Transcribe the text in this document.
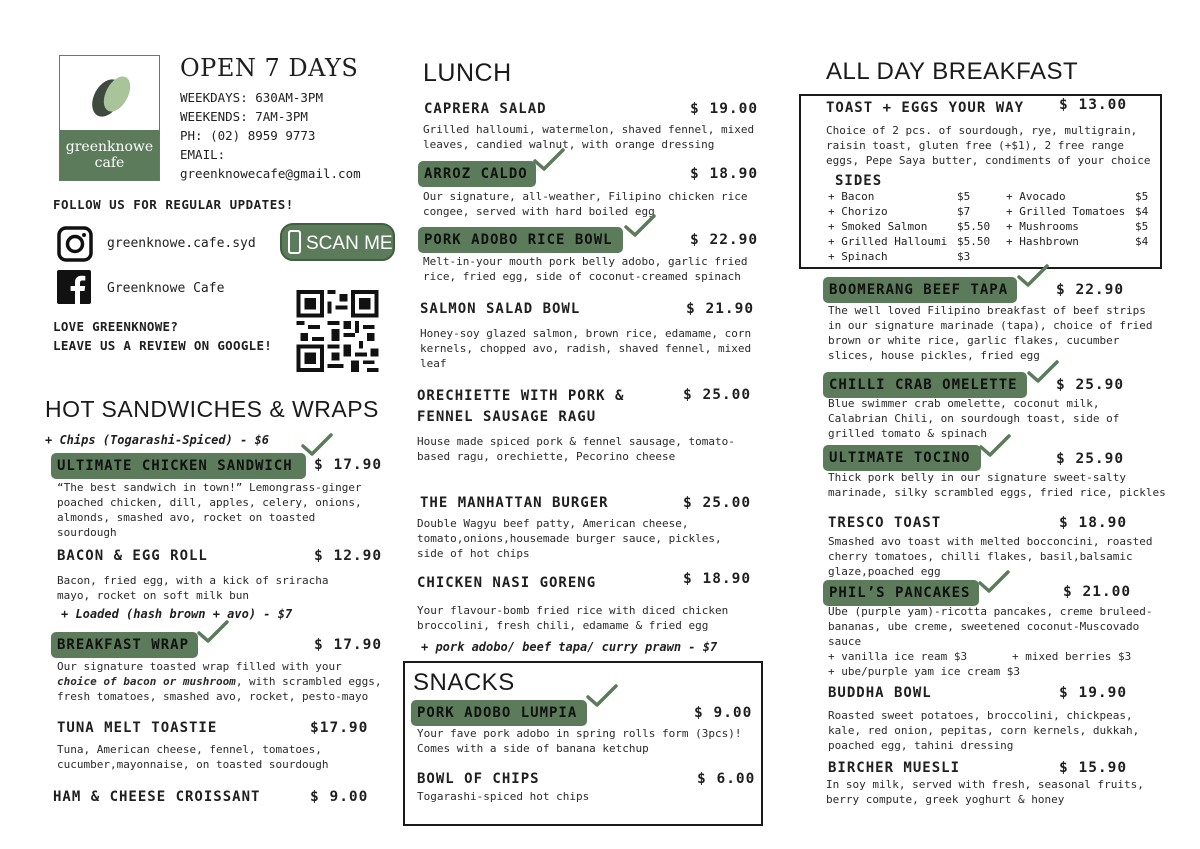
greenknowe
cafe
OPEN 7 DAYS
WEEKDAYS: 630AM-3PM
WEEKENDS: 7AM-3PM
PH: (02) 8959 9773
EMAIL:
greenknowecafe@gmail.com
FOLLOW US FOR REGULAR UPDATES!
greenknowe.cafe.syd	SCAN ME
Greenknowe Cafe
LOVE GREENKNOWE?
LEAVE US A REVIEW ON GOOGLE!
HOT SANDWICHES & WRAPS
+ Chips (Togarashi-Spiced) - $6
ULTIMATE CHICKEN SANDWICH	$ 17.90
“The best sandwich in town!” Lemongrass-ginger poached chicken, dill, apples, celery, onions, almonds, smashed avo, rocket on toasted sourdough
BACON & EGG ROLL	$ 12.90
Bacon, fried egg, with a kick of sriracha mayo, rocket on soft milk bun
+ Loaded (hash brown + avo) - $7
BREAKFAST WRAP	$ 17.90
Our signature toasted wrap filled with your choice of bacon or mushroom, with scrambled eggs, fresh tomatoes, smashed avo, rocket, pesto-mayo
TUNA MELT TOASTIE	$17.90
Tuna, American cheese, fennel, tomatoes, cucumber,mayonnaise, on toasted sourdough
HAM & CHEESE CROISSANT	$ 9.00
LUNCH
CAPRERA SALAD	$ 19.00
Grilled halloumi, watermelon, shaved fennel, mixed leaves, candied walnut, with orange dressing
ARROZ CALDO	$ 18.90
Our signature, all-weather, Filipino chicken rice congee, served with hard boiled egg
PORK ADOBO RICE BOWL	$ 22.90
Melt-in-your mouth pork belly adobo, garlic fried rice, fried egg, side of coconut-creamed spinach
SALMON SALAD BOWL	$ 21.90
Honey-soy glazed salmon, brown rice, edamame, corn kernels, chopped avo, radish, shaved fennel, mixed leaf
ORECHIETTE WITH PORK &
FENNEL SAUSAGE RAGU
$ 25.00
House made spiced pork & fennel sausage, tomato-based ragu, orechiette, Pecorino cheese
THE MANHATTAN BURGER	$ 25.00
Double Wagyu beef patty, American cheese, tomato,onions,housemade burger sauce, pickles, side of hot chips
CHICKEN NASI GORENG	$ 18.90
Your flavour-bomb fried rice with diced chicken broccolini, fresh chili, edamame & fried egg
+ pork adobo/ beef tapa/ curry prawn - $7
SNACKS
PORK ADOBO LUMPIA	$ 9.00
Your fave pork adobo in spring rolls form (3pcs)! Comes with a side of banana ketchup
BOWL OF CHIPS	$ 6.00
Togarashi-spiced hot chips
ALL DAY BREAKFAST
TOAST + EGGS YOUR WAY $ 13.00
Choice of 2 pcs. of sourdough, rye, multigrain, raisin toast, gluten free (+$1), 2 free range eggs, Pepe Saya butter, condiments of your choice
SIDES
+ Bacon	$5
+ Chorizo	$7
+ Smoked Salmon	$5.50
+ Grilled Halloumi $5.50
+ Spinach	$3
+ Avocado	$5
+ Grilled Tomatoes $4
+ Mushrooms	$5
+ Hashbrown	$4
BOOMERANG BEEF TAPA	$ 22.90
The well loved Filipino breakfast of beef strips in our signature marinade (tapa), choice of fried brown or white rice, garlic flakes, cucumber slices, house pickles, fried egg
CHILLI CRAB OMELETTE	$ 25.90
Blue swimmer crab omelette, coconut milk, Calabrian Chili, on sourdough toast, side of grilled tomato & spinach
ULTIMATE TOCINO	$ 25.90
Thick pork belly in our signature sweet-salty marinade, silky scrambled eggs, fried rice, pickles
TRESCO TOAST	$ 18.90
Smashed avo toast with melted bocconcini, roasted cherry tomatoes, chilli flakes, basil,balsamic glaze,poached egg
PHIL’S PANCAKES	$ 21.00
Ube (purple yam)-ricotta pancakes, creme bruleed-bananas, ube creme, sweetened coconut-Muscovado sauce
+ vanilla ice ream $3	+ mixed berries $3
+ ube/purple yam ice cream $3
BUDDHA BOWL	$ 19.90
Roasted sweet potatoes, broccolini, chickpeas, kale, red onion, pepitas, corn kernels, dukkah, poached egg, tahini dressing
BIRCHER MUESLI	$ 15.90
In soy milk, served with fresh, seasonal fruits, berry compute, greek yoghurt & honey
